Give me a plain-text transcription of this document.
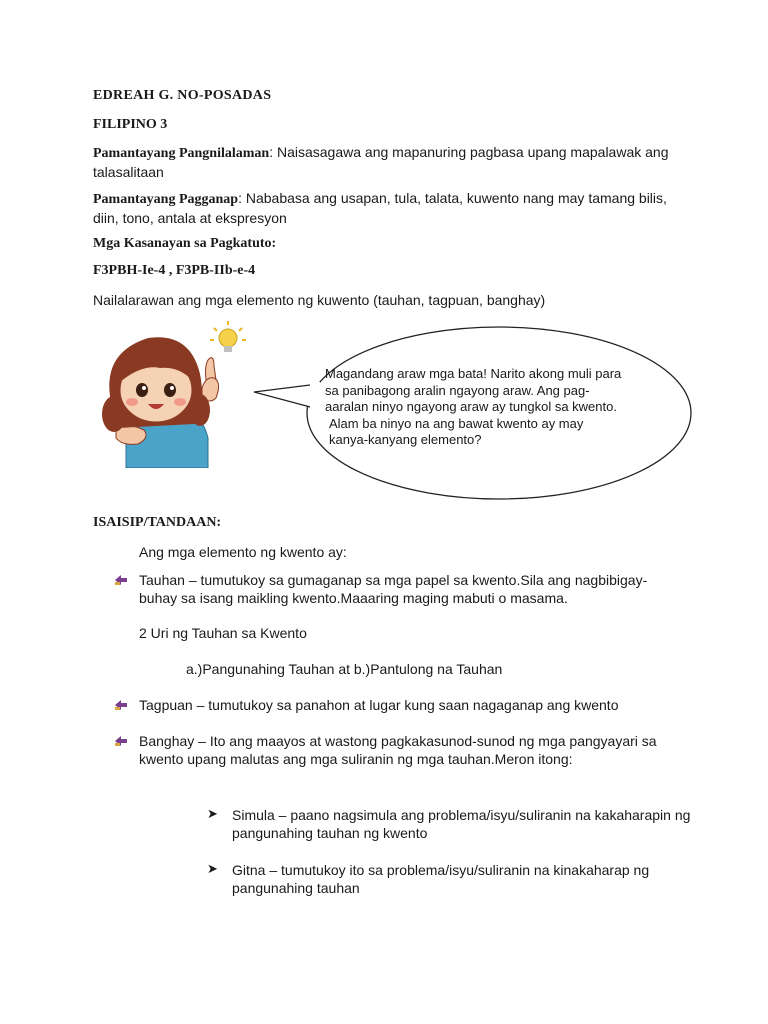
EDREAH G. NO-POSADAS
FILIPINO 3
Pamantayang Pangnilalaman: Naisasagawa ang mapanuring pagbasa upang mapalawak ang talasalitaan
Pamantayang Pagganap: Nababasa ang usapan, tula, talata, kuwento nang may tamang bilis, diin, tono, antala at ekspresyon
Mga Kasanayan sa Pagkatuto:
F3PBH-Ie-4 , F3PB-IIb-e-4
Nailalarawan ang mga elemento ng kuwento (tauhan, tagpuan, banghay)
Magandang araw mga bata! Narito akong muli para sa panibagong aralin ngayong araw. Ang pag-aaralan ninyo ngayong araw ay tungkol sa kwento.
Alam ba ninyo na ang bawat kwento ay may kanya-kanyang elemento?
ISAISIP/TANDAAN:
Ang mga elemento ng kwento ay:
Tauhan – tumutukoy sa gumaganap sa mga papel sa kwento.Sila ang nagbibigay-buhay sa isang maikling kwento.Maaaring maging mabuti o masama.
2 Uri ng Tauhan sa Kwento
a.)Pangunahing Tauhan at b.)Pantulong na Tauhan
Tagpuan – tumutukoy sa panahon at lugar kung saan nagaganap ang kwento
Banghay – Ito ang maayos at wastong pagkakasunod-sunod ng mga pangyayari sa kwento upang malutas ang mga suliranin ng mga tauhan.Meron itong:
➤ Simula – paano nagsimula ang problema/isyu/suliranin na kakaharapin ng pangunahing tauhan ng kwento
➤ Gitna – tumutukoy ito sa problema/isyu/suliranin na kinakaharap ng pangunahing tauhan
